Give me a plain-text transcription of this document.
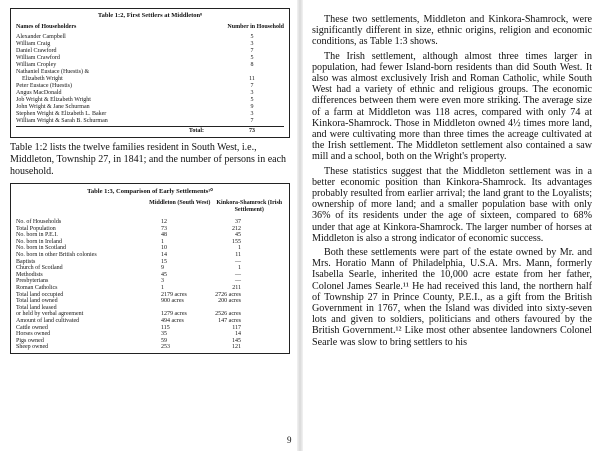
Table 1:2, First Settlers at Middleton⁸
Names of Householders	Number in Household
Alexander Campbell	5
William Craig	3
Daniel Crawford	7
William Crawford	5
William Cropley	8
Nathaniel Eustace (Huestis) &
Elizabeth Wright	11
Peter Eustace (Huestis)	7
Angus MacDonald	3
Job Wright & Elizabeth Wright	5
John Wright & Jane Schurman	9
Stephen Wright & Elizabeth L. Baker	3
William Wright & Sarah B. Schurman	7
Total:	73
Table 1:2 lists the twelve families resident in South West, i.e., Middleton, Township 27, in 1841; and the number of persons in each household.
Table 1:3, Comparison of Early Settlements¹⁰
Middleton (South West)	Kinkora-Shamrock (Irish Settlement)
No. of Households	12	37
Total Population	73	212
No. born in P.E.I.	48	45
No. born in Ireland	1	155
No. born in Scotland	10	1
No. born in other British colonies	14	11
Baptists	15	—
Church of Scotland	9	1
Methodists	45	—
Presbyterians	3	—
Roman Catholics	1	211
Total land occupied	2179 acres	2726 acres
Total land owned	900 acres	200 acres
Total land leased
or held by verbal agreement	1279 acres	2526 acres
Amount of land cultivated	494 acres	147 acres
Cattle owned	115	117
Horses owned	35	14
Pigs owned	59	145
Sheep owned	253	121

These two settlements, Middleton and Kinkora-Shamrock, were significantly different in size, ethnic origins, religion and economic conditions, as Table 1:3 shows.

The Irish settlement, although almost three times larger in population, had fewer Island-born residents than did South West. It also was almost exclusively Irish and Roman Catholic, while South West had a variety of ethnic and religious groups. The economic differences between them were even more striking. The average size of a farm at Middleton was 118 acres, compared with only 74 at Kinkora-Shamrock. Those in Middleton owned 4½ times more land, and were cultivating more than three times the acreage cultivated at the Irish settlement. The Middleton settlement also contained a saw mill and a school, both on the Wright's property.

These statistics suggest that the Middleton settlement was in a better economic position than Kinkora-Shamrock. Its advantages probably resulted from earlier arrival; the land grant to the Loyalists; ownership of more land; and a smaller population base with only 36% of its residents under the age of sixteen, compared to 68% under that age at Kinkora-Shamrock. The larger number of horses at Middleton is also a strong indicator of economic success.

Both these settlements were part of the estate owned by Mr. and Mrs. Horatio Mann of Philadelphia, U.S.A. Mrs. Mann, formerly Isabella Searle, inherited the 10,000 acre estate from her father, Colonel James Searle.¹¹ He had received this land, the northern half of Township 27 in Prince County, P.E.I., as a gift from the British Government in 1767, when the Island was divided into sixty-seven lots and given to soldiers, politicians and others favoured by the British Government.¹² Like most other absentee landowners Colonel Searle was slow to bring settlers to his

9
